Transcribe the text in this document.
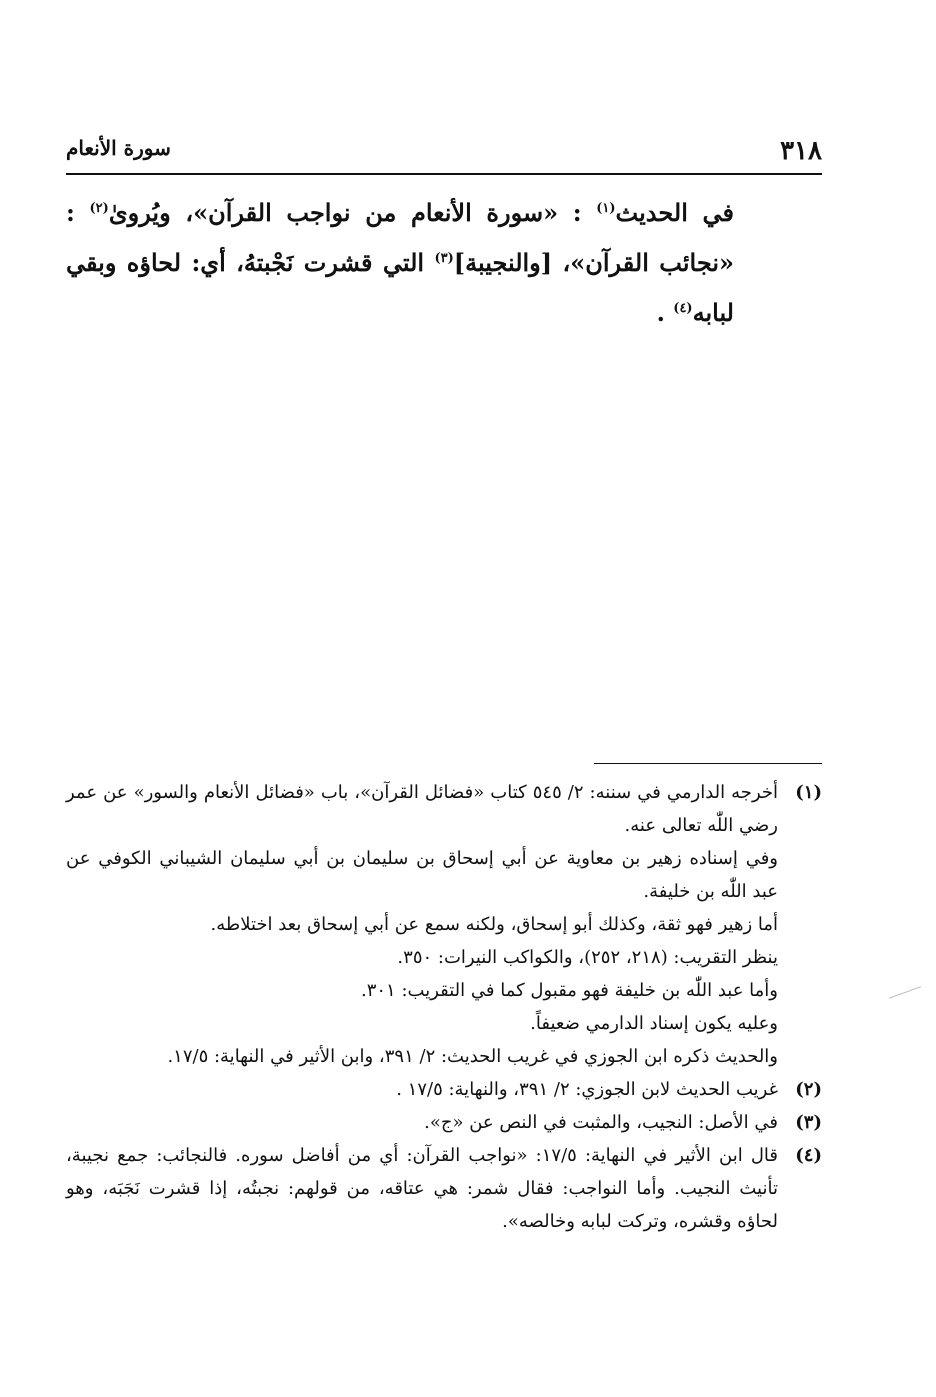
٣١٨
سورة الأنعام

في الحديث$^{(١)}$ : «سورة الأنعام من نواجب القرآن»، ويُروىٰ$^{(٢)}$ : «نجائب القرآن»، [والنجيبة]$^{(٣)}$ التي قشرت نَجْبتهُ، أي: لحاؤه وبقي لبابه$^{(٤)}$ .

(١)
أخرجه الدارمي في سننه: ٢/ ٥٤٥ كتاب «فضائل القرآن»، باب «فضائل الأنعام والسور» عن عمر رضي اللّٰه تعالى عنه.
وفي إسناده زهير بن معاوية عن أبي إسحاق بن سليمان بن أبي سليمان الشيباني الكوفي عن عبد اللّٰه بن خليفة.
أما زهير فهو ثقة، وكذلك أبو إسحاق، ولكنه سمع عن أبي إسحاق بعد اختلاطه.
ينظر التقريب: (٢١٨، ٢٥٢)، والكواكب النيرات: ٣٥٠.
وأما عبد اللّٰه بن خليفة فهو مقبول كما في التقريب: ٣٠١.
وعليه يكون إسناد الدارمي ضعيفاً.
والحديث ذكره ابن الجوزي في غريب الحديث: ٢/ ٣٩١، وابن الأثير في النهاية: ١٧/٥.
(٢)
غريب الحديث لابن الجوزي: ٢/ ٣٩١، والنهاية: ١٧/٥ .
(٣)
في الأصل: النجيب، والمثبت في النص عن «ج».
(٤)
قال ابن الأثير في النهاية: ١٧/٥: «نواجب القرآن: أي من أفاضل سوره. فالنجائب: جمع نجيبة، تأنيث النجيب. وأما النواجب: فقال شمر: هي عتاقه، من قولهم: نجبتُه، إذا قشرت نَجَبَه، وهو لحاؤه وقشره، وتركت لبابه وخالصه».
